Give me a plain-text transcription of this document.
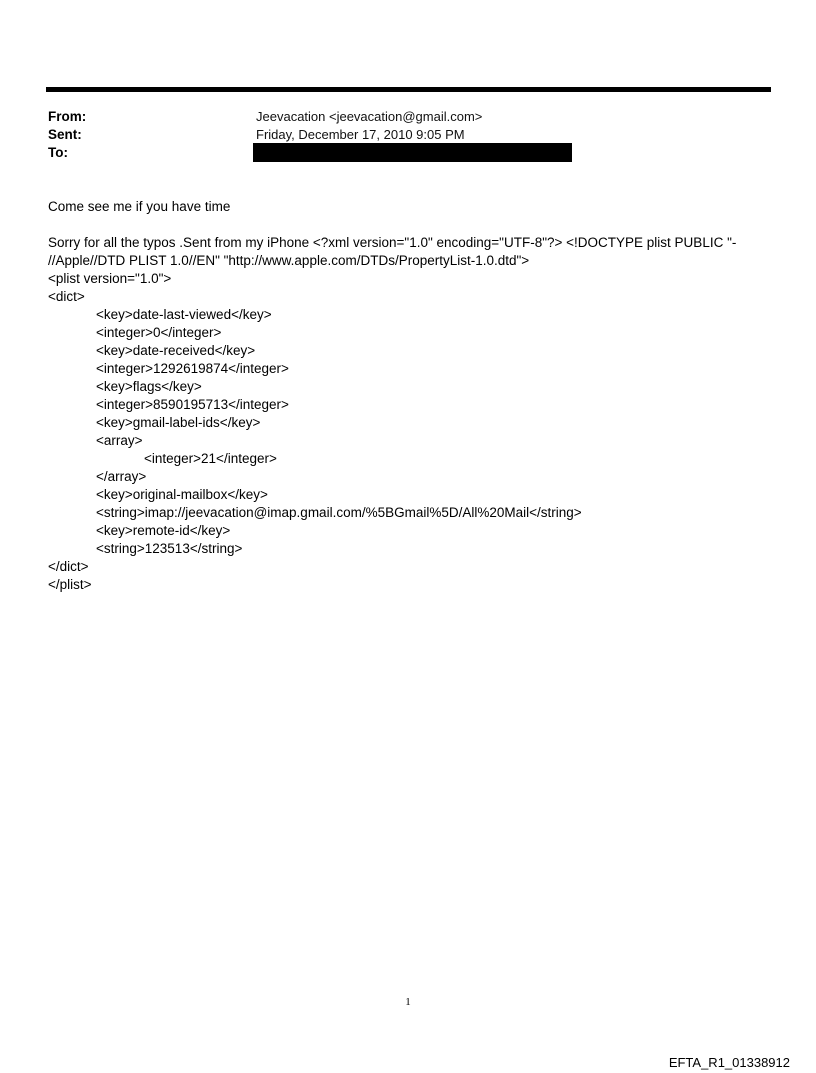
From:	Jeevacation <jeevacation@gmail.com>
Sent:	Friday, December 17, 2010 9:05 PM
To:
Come see me if you have time
Sorry for all the typos .Sent from my iPhone <?xml version="1.0" encoding="UTF-8"?> <!DOCTYPE plist PUBLIC "-
//Apple//DTD PLIST 1.0//EN" "http://www.apple.com/DTDs/PropertyList-1.0.dtd">
<plist version="1.0">
<dict>
<key>date-last-viewed</key>
<integer>0</integer>
<key>date-received</key>
<integer>1292619874</integer>
<key>flags</key>
<integer>8590195713</integer>
<key>gmail-label-ids</key>
<array>
<integer>21</integer>
</array>
<key>original-mailbox</key>
<string>imap://jeevacation@imap.gmail.com/%5BGmail%5D/All%20Mail</string>
<key>remote-id</key>
<string>123513</string>
</dict>
</plist>
1
EFTA_R1_01338912
